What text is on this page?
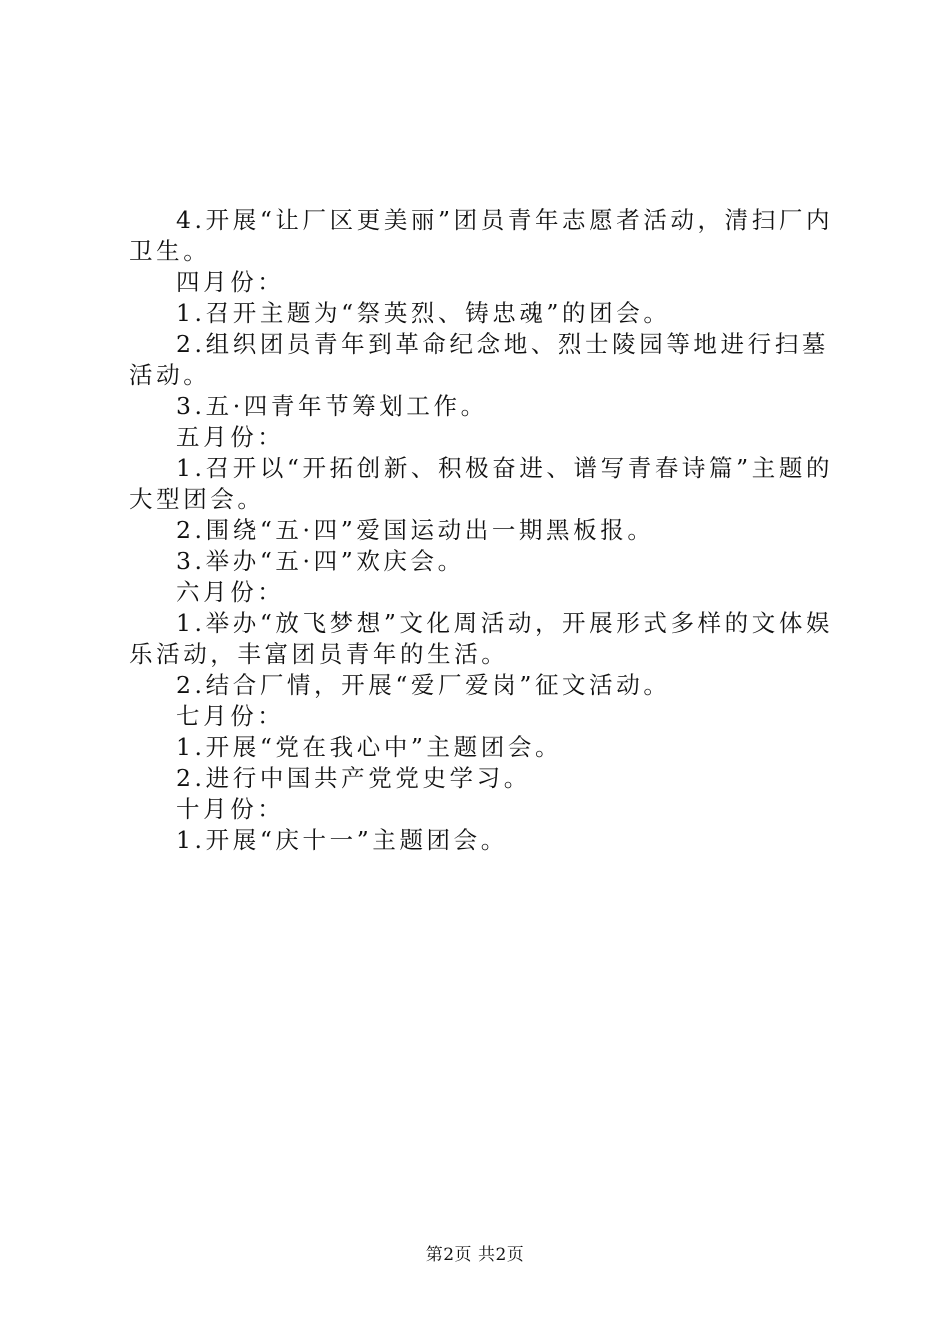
4.开展“让厂区更美丽”团员青年志愿者活动，清扫厂内卫生。

四月份：

1.召开主题为“祭英烈、铸忠魂”的团会。

2.组织团员青年到革命纪念地、烈士陵园等地进行扫墓活动。

3.五·四青年节筹划工作。

五月份：

1.召开以“开拓创新、积极奋进、谱写青春诗篇”主题的大型团会。

2.围绕“五·四”爱国运动出一期黑板报。

3.举办“五·四”欢庆会。

六月份：

1.举办“放飞梦想”文化周活动，开展形式多样的文体娱乐活动，丰富团员青年的生活。

2.结合厂情，开展“爱厂爱岗”征文活动。

七月份：

1.开展“党在我心中”主题团会。

2.进行中国共产党党史学习。

十月份：

1.开展“庆十一”主题团会。

第2页 共2页
